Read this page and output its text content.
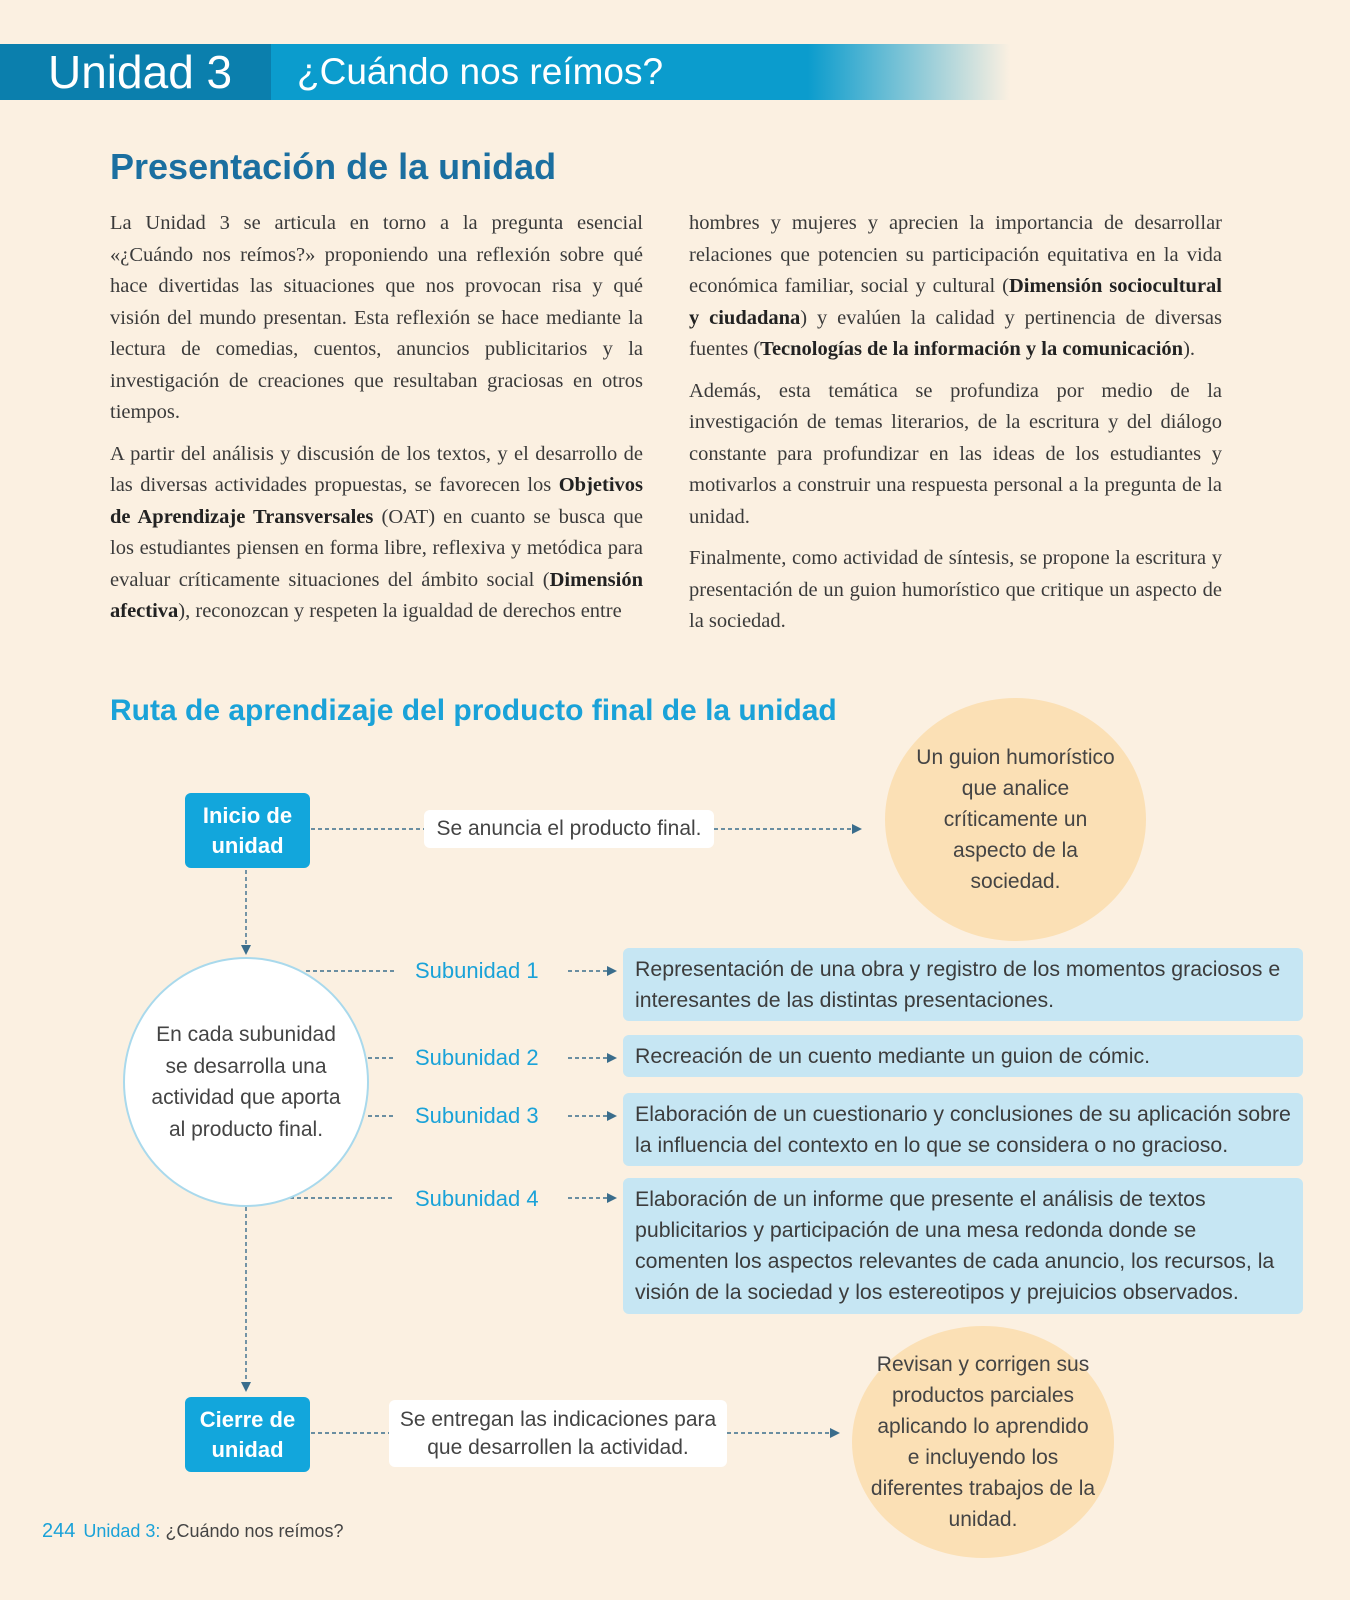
Unidad 3	¿Cuándo nos reímos?
Presentación de la unidad

La Unidad 3 se articula en torno a la pregunta esencial «¿Cuándo nos reímos?» proponiendo una reflexión sobre qué hace divertidas las situaciones que nos provocan risa y qué visión del mundo presentan. Esta reflexión se hace mediante la lectura de comedias, cuentos, anuncios publicitarios y la investigación de creaciones que resultaban graciosas en otros tiempos.

A partir del análisis y discusión de los textos, y el desarrollo de las diversas actividades propuestas, se favorecen los Objetivos de Aprendizaje Transversales (OAT) en cuanto se busca que los estudiantes piensen en forma libre, reflexiva y metódica para evaluar críticamente situaciones del ámbito social (Dimensión afectiva), reconozcan y respeten la igualdad de derechos entre

hombres y mujeres y aprecien la importancia de desarrollar relaciones que potencien su participación equitativa en la vida económica familiar, social y cultural (Dimensión sociocultural y ciudadana) y evalúen la calidad y pertinencia de diversas fuentes (Tecnologías de la información y la comunicación).

Además, esta temática se profundiza por medio de la investigación de temas literarios, de la escritura y del diálogo constante para profundizar en las ideas de los estudiantes y motivarlos a construir una respuesta personal a la pregunta de la unidad.

Finalmente, como actividad de síntesis, se propone la escritura y presentación de un guion humorístico que critique un aspecto de la sociedad.

Ruta de aprendizaje del producto final de la unidad
Inicio de unidad
Se anuncia el producto final.
Un guion humorístico que analice críticamente un aspecto de la sociedad.
En cada subunidad se desarrolla una actividad que aporta al producto final.
Subunidad 1	Representación de una obra y registro de los momentos graciosos e interesantes de las distintas presentaciones.
Subunidad 2	Recreación de un cuento mediante un guion de cómic.
Subunidad 3	Elaboración de un cuestionario y conclusiones de su aplicación sobre la influencia del contexto en lo que se considera o no gracioso.
Subunidad 4	Elaboración de un informe que presente el análisis de textos publicitarios y participación de una mesa redonda donde se comenten los aspectos relevantes de cada anuncio, los recursos, la visión de la sociedad y los estereotipos y prejuicios observados.
Cierre de unidad
Se entregan las indicaciones para que desarrollen la actividad.
Revisan y corrigen sus productos parciales aplicando lo aprendido e incluyendo los diferentes trabajos de la unidad.
244 Unidad 3: ¿Cuándo nos reímos?
